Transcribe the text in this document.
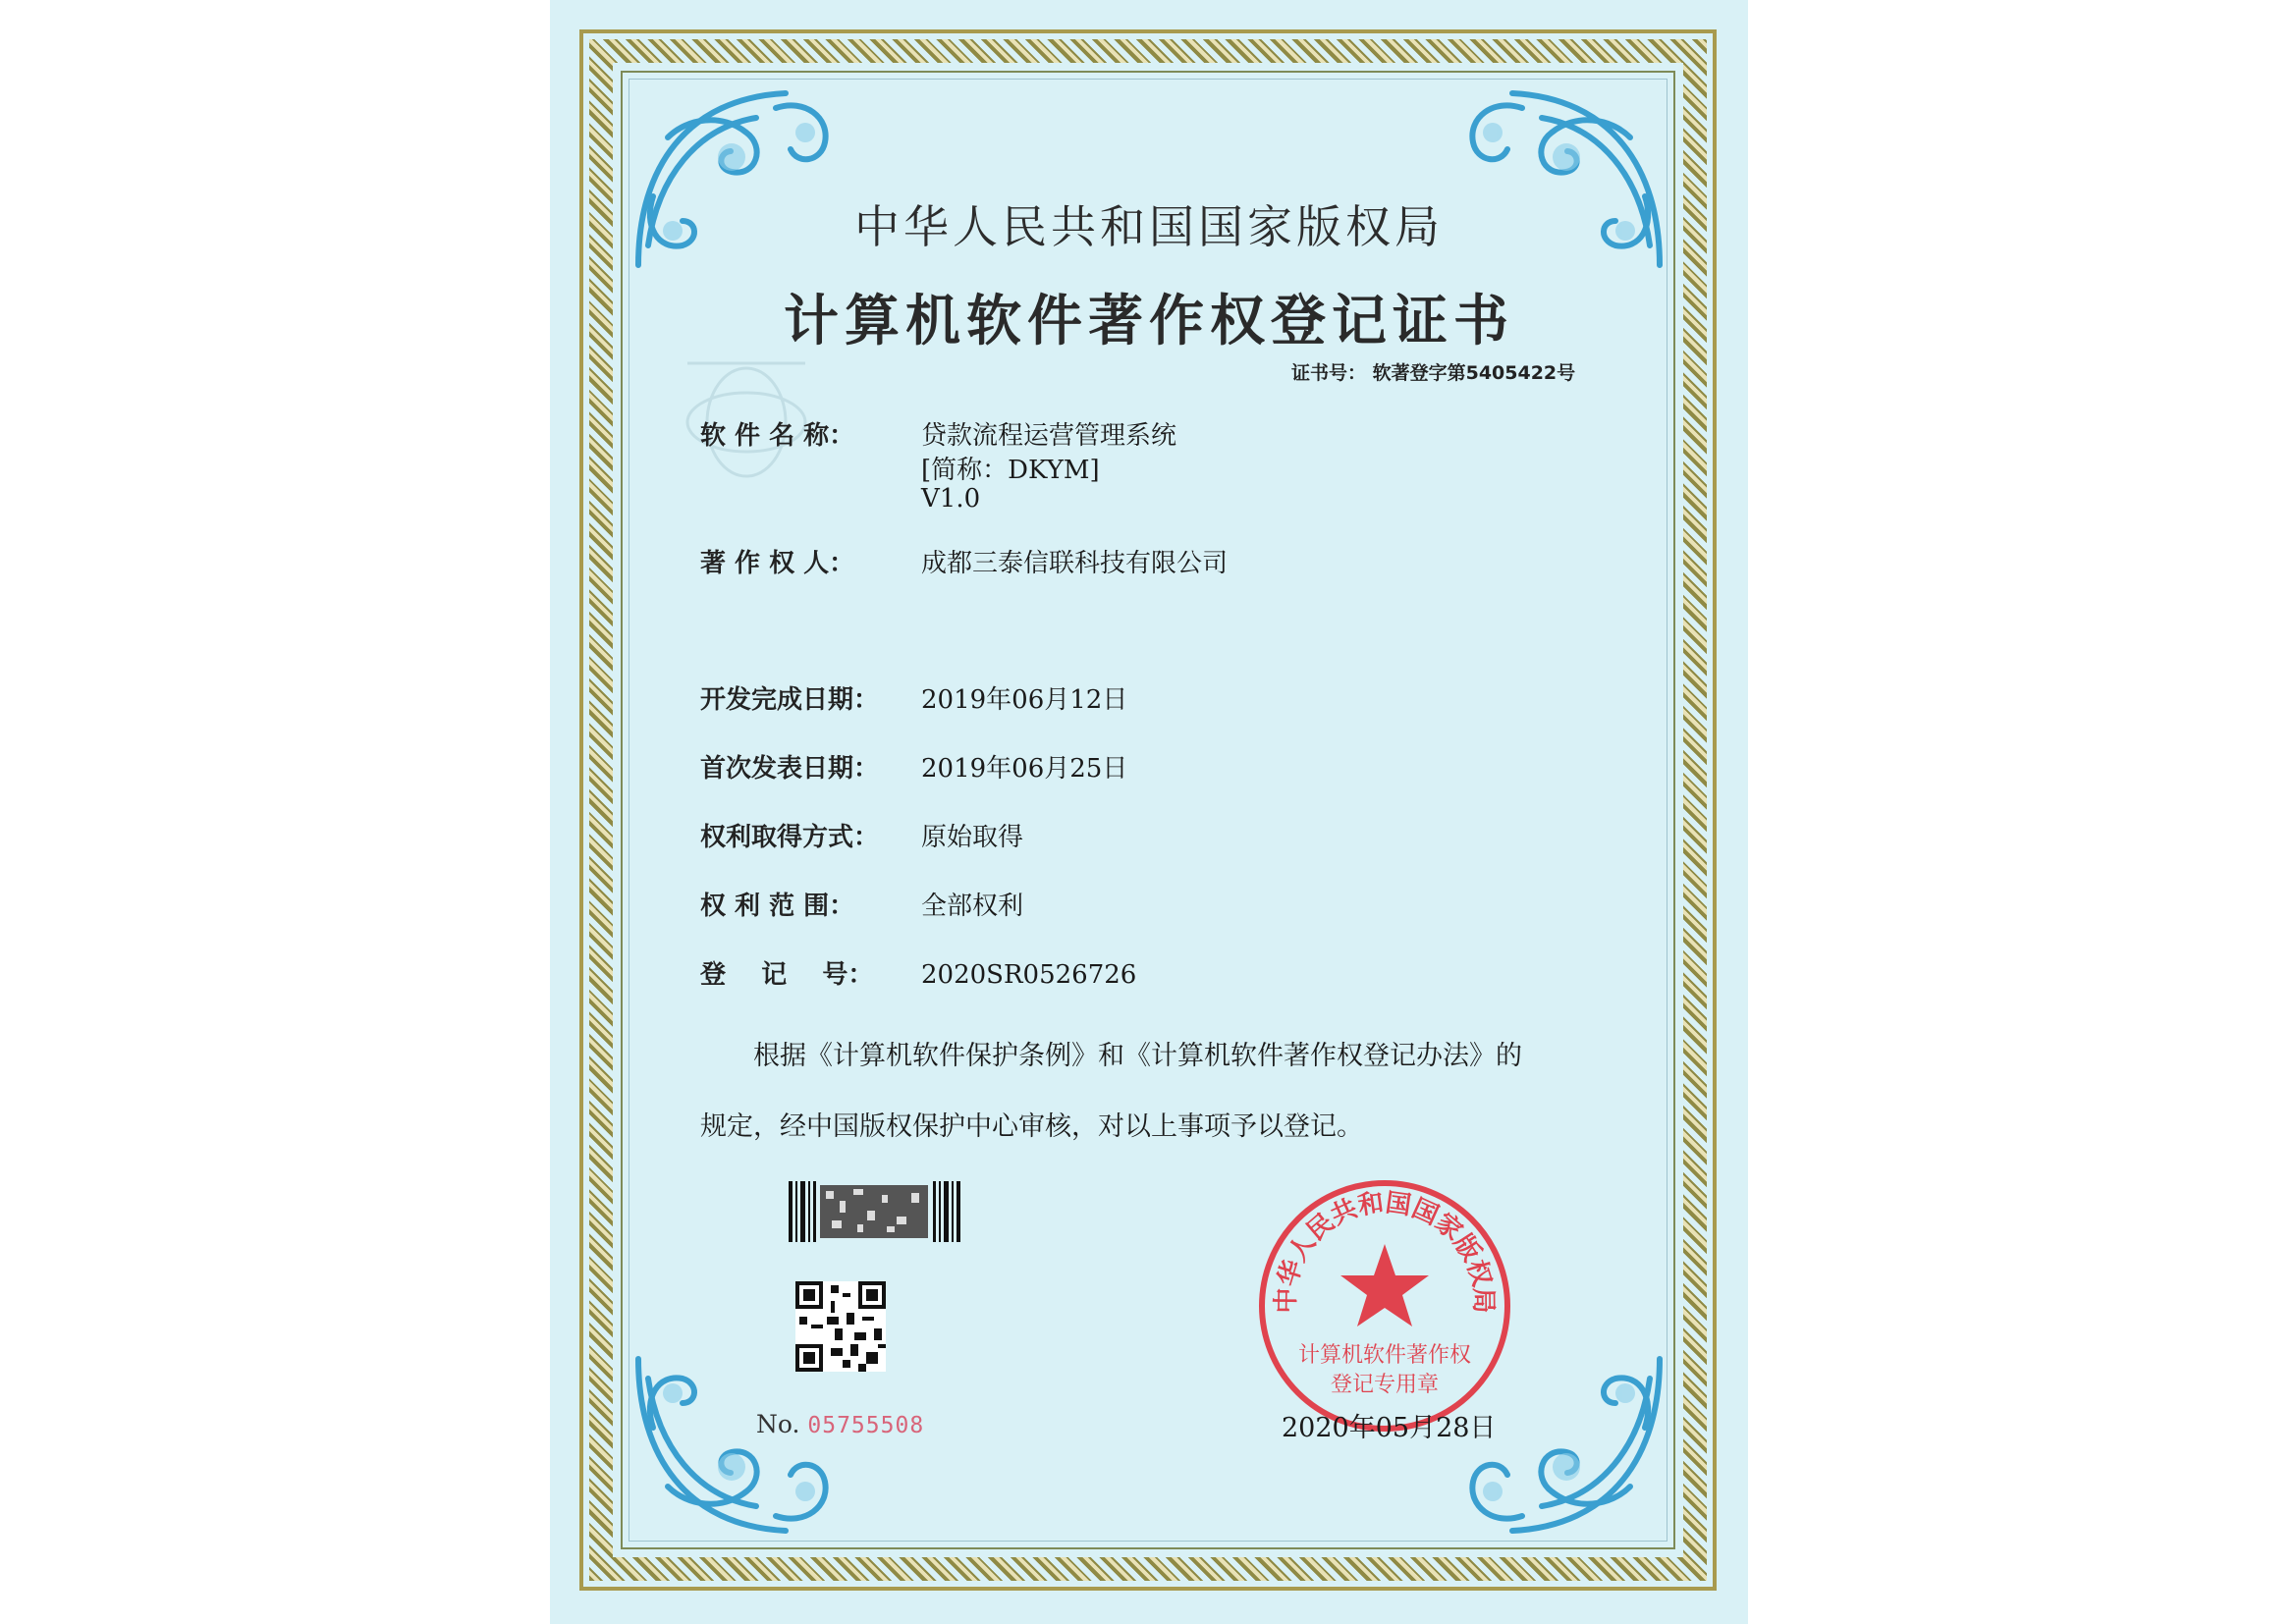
中华人民共和国国家版权局
计算机软件著作权登记证书
证书号： 软著登字第5405422号
软 件 名 称：	贷款流程运营管理系统
[简称：DKYM]
V1.0
著 作 权 人：	成都三泰信联科技有限公司
开发完成日期： 2019年06月12日
首次发表日期： 2019年06月25日
权利取得方式： 原始取得
权 利 范 围：	全部权利
登    记    号： 2020SR0526726
根据《计算机软件保护条例》和《计算机软件著作权登记办法》的
规定，经中国版权保护中心审核，对以上事项予以登记。
No. 05755508
中华人民共和国国家版权局
计算机软件著作权
登记专用章
2020年05月28日
